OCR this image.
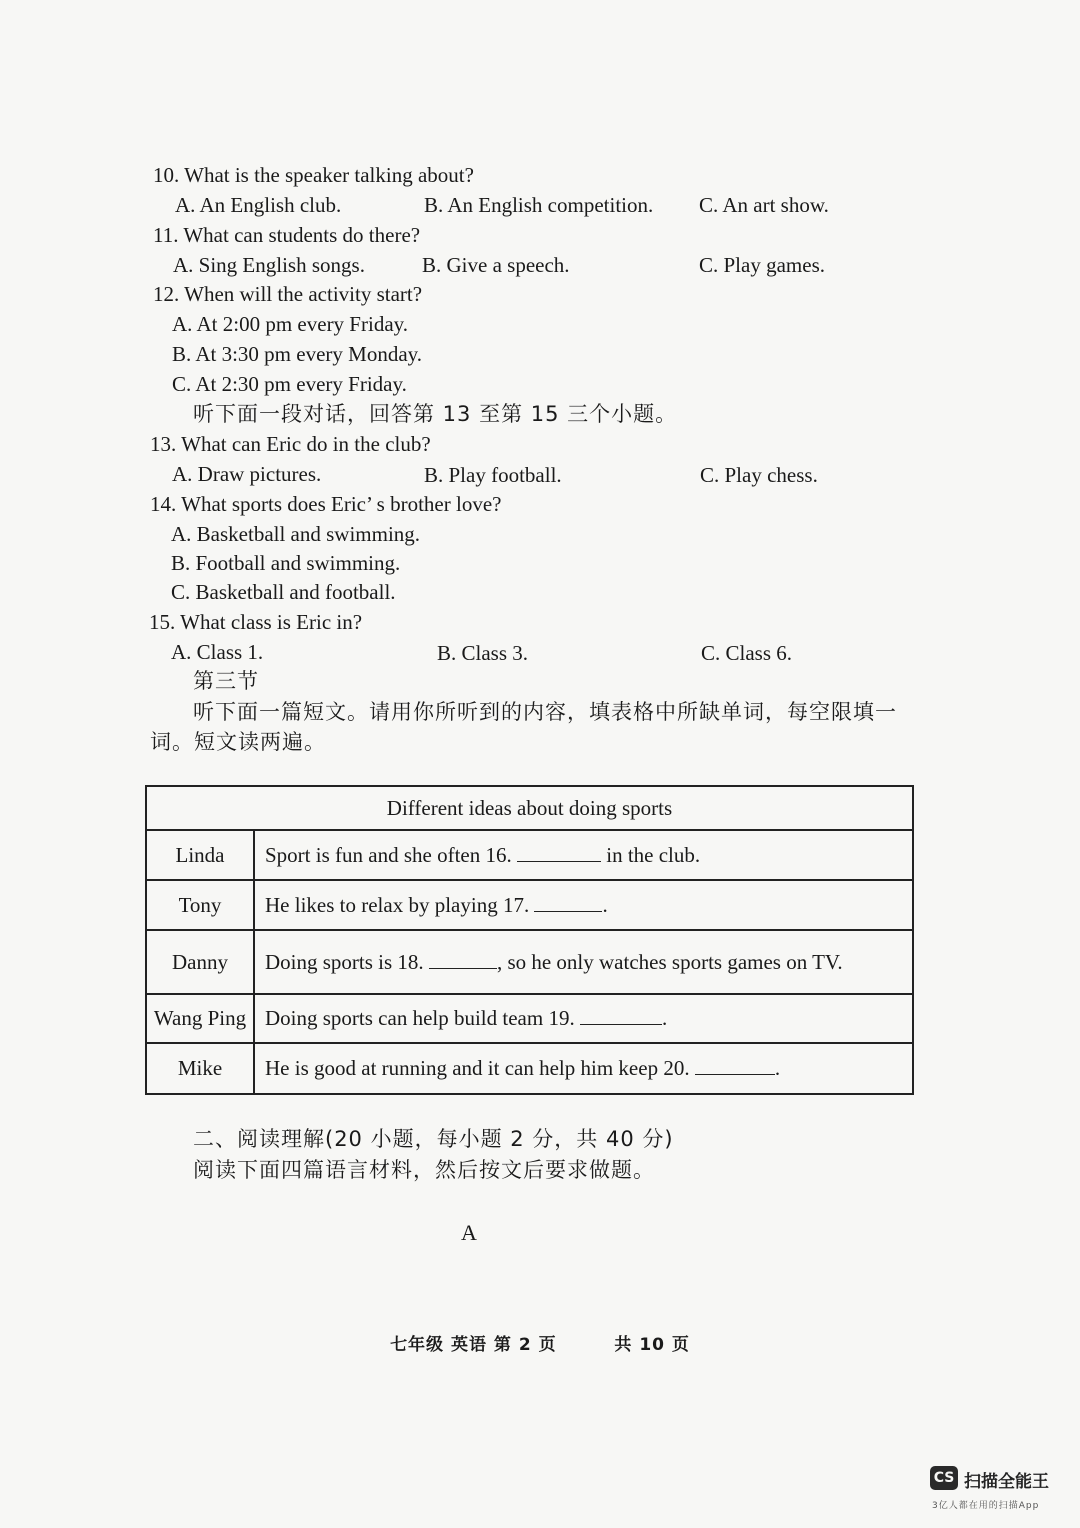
10. What is the speaker talking about?
A. An English club.	B. An English competition. C. An art show.
11. What can students do there?
A. Sing English songs.	B. Give a speech.	C. Play games.
12. When will the activity start?
A. At 2:00 pm every Friday.
B. At 3:30 pm every Monday.
C. At 2:30 pm every Friday.
听下面一段对话，回答第 13 至第 15 三个小题。
13. What can Eric do in the club?
A. Draw pictures.	B. Play football.	C. Play chess.
14. What sports does Eric’ s brother love?
A. Basketball and swimming.
B. Football and swimming.
C. Basketball and football.
15. What class is Eric in?
A. Class 1.	B. Class 3.	C. Class 6.
第三节
听下面一篇短文。请用你所听到的内容，填表格中所缺单词，每空限填一
词。短文读两遍。
Different ideas about doing sports	
Linda	Sport is fun and she often 16. in the club.
Tony	He likes to relax by playing 17. .
Danny	Doing sports is 18. , so he only watches sports games on TV.
Wang Ping	Doing sports can help build team 19. .
Mike	He is good at running and it can help him keep 20. .
二、阅读理解(20 小题，每小题 2 分，共 40 分)
阅读下面四篇语言材料，然后按文后要求做题。
A
七年级 英语 第 2 页	共 10 页
CS 扫描全能王
3亿人都在用的扫描App
